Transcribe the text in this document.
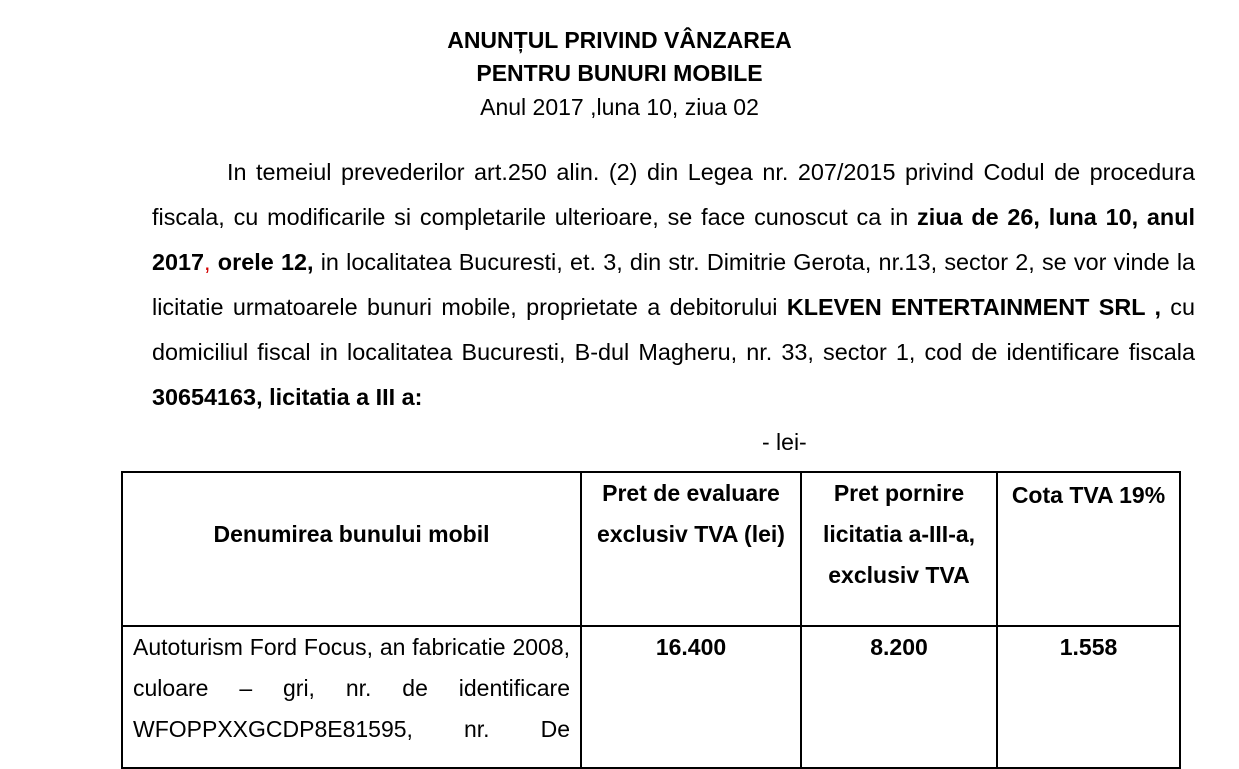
ANUNȚUL PRIVIND VÂNZAREA
PENTRU BUNURI MOBILE
Anul 2017 ,luna 10, ziua 02

In temeiul prevederilor art.250 alin. (2) din Legea nr. 207/2015 privind Codul de procedura fiscala, cu modificarile si completarile ulterioare, se face cunoscut ca in ziua de 26, luna 10, anul 2017, orele 12, in localitatea Bucuresti, et. 3, din str. Dimitrie Gerota, nr.13, sector 2, se vor vinde la licitatie urmatoarele bunuri mobile, proprietate a debitorului KLEVEN ENTERTAINMENT SRL , cu domiciliul fiscal in localitatea Bucuresti, B-dul Magheru, nr. 33, sector 1, cod de identificare fiscala 30654163, licitatia a III a:

- lei-
Denumirea bunului mobil	Pret de evaluare exclusiv TVA (lei)	Pret pornire licitatia a-III-a, exclusiv TVA	Cota TVA 19%
Autoturism Ford Focus, an fabricatie 2008, culoare – gri, nr. de identificare WFOPPXXGCDP8E81595, nr. De	16.400	8.200	1.558
